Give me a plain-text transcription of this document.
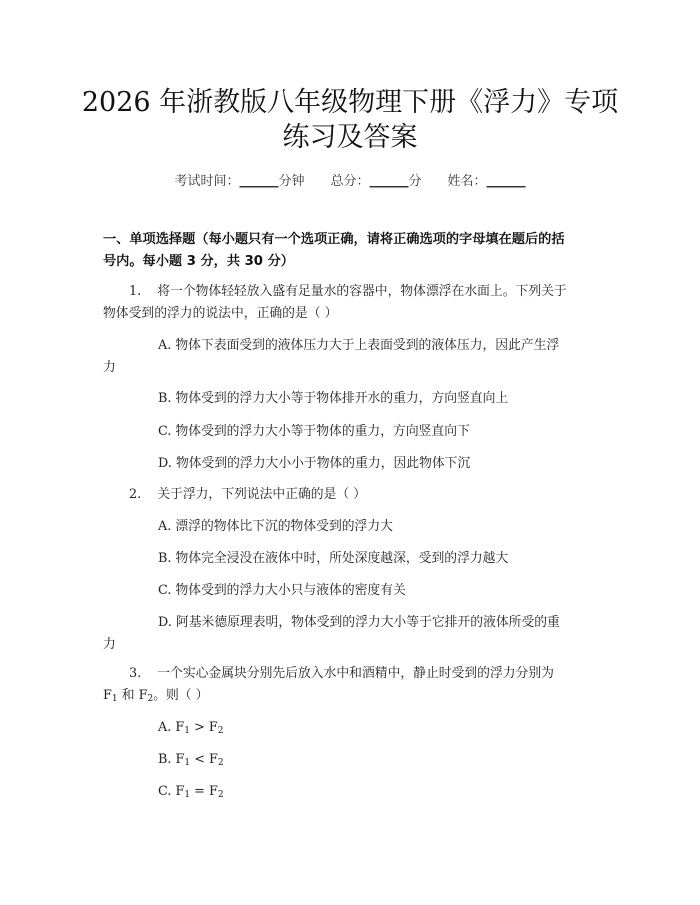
2026 年浙教版八年级物理下册《浮力》专项
练习及答案
考试时间：______分钟 总分：______分 姓名：______
一、单项选择题（每小题只有一个选项正确，请将正确选项的字母填在题后的括
号内。每小题 3 分，共 30 分）
1. 将一个物体轻轻放入盛有足量水的容器中，物体漂浮在水面上。下列关于
物体受到的浮力的说法中，正确的是（ ）
A. 物体下表面受到的液体压力大于上表面受到的液体压力，因此产生浮
力
B. 物体受到的浮力大小等于物体排开水的重力，方向竖直向上
C. 物体受到的浮力大小等于物体的重力，方向竖直向下
D. 物体受到的浮力大小小于物体的重力，因此物体下沉
2. 关于浮力，下列说法中正确的是（ ）
A. 漂浮的物体比下沉的物体受到的浮力大
B. 物体完全浸没在液体中时，所处深度越深，受到的浮力越大
C. 物体受到的浮力大小只与液体的密度有关
D. 阿基米德原理表明，物体受到的浮力大小等于它排开的液体所受的重
力
3. 一个实心金属块分别先后放入水中和酒精中，静止时受到的浮力分别为
$F_1$ 和 $F_2$。则（ ）
A. $F_1 > F_2$
B. $F_1 < F_2$
C. $F_1 = F_2$
